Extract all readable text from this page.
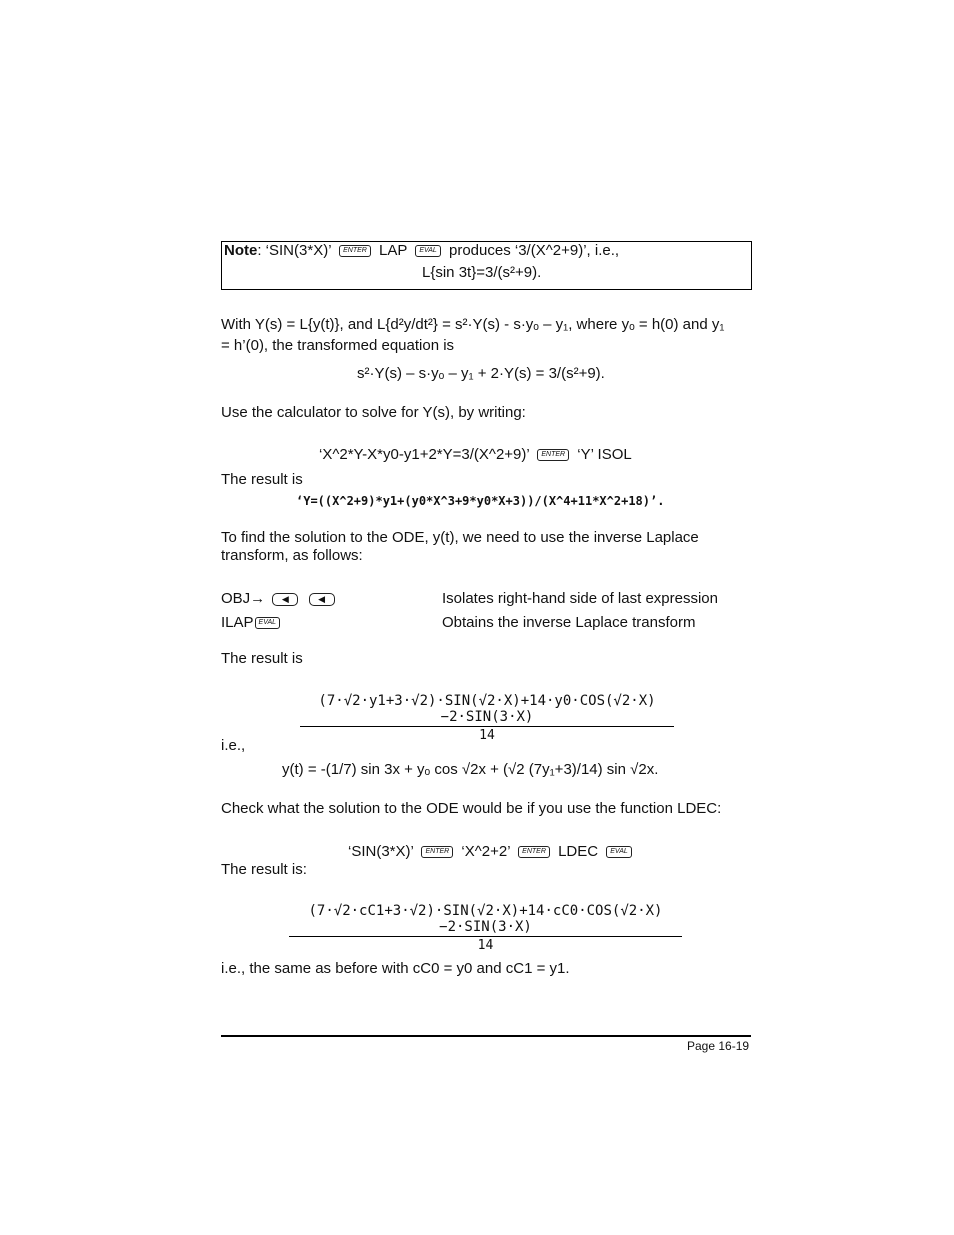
Note: ‘SIN(3*X)’ ENTER LAP EVAL produces ‘3/(X^2+9)’, i.e.,
L{sin 3t}=3/(s²+9).
With Y(s) = L{y(t)}, and L{d²y/dt²} = s²·Y(s) - s·yₒ – y₁, where yₒ = h(0) and y₁
= h’(0), the transformed equation is
s²·Y(s) – s·yₒ – y₁ + 2·Y(s) = 3/(s²+9).
Use the calculator to solve for Y(s), by writing:
‘X^2*Y-X*y0-y1+2*Y=3/(X^2+9)’ ENTER ‘Y’ ISOL
The result is
‘Y=((X^2+9)*y1+(y0*X^3+9*y0*X+3))/(X^4+11*X^2+18)’.
To find the solution to the ODE, y(t), we need to use the inverse Laplace
transform, as follows:
OBJ→ ◀	◀	Isolates right-hand side of last expression
ILAP EVAL	Obtains the inverse Laplace transform
The result is
(7·√2·y1+3·√2)·SIN(√2·X)+14·y0·COS(√2·X)−2·SIN(3·X)
14
i.e.,
y(t) = -(1/7) sin 3x + yₒ cos √2x + (√2 (7y₁+3)/14) sin √2x.
Check what the solution to the ODE would be if you use the function LDEC:
‘SIN(3*X)’ ENTER ‘X^2+2’ ENTER LDEC EVAL
The result is:
(7·√2·cC1+3·√2)·SIN(√2·X)+14·cC0·COS(√2·X)−2·SIN(3·X)
14
i.e., the same as before with cC0 = y0 and cC1 = y1.
Page 16-19
